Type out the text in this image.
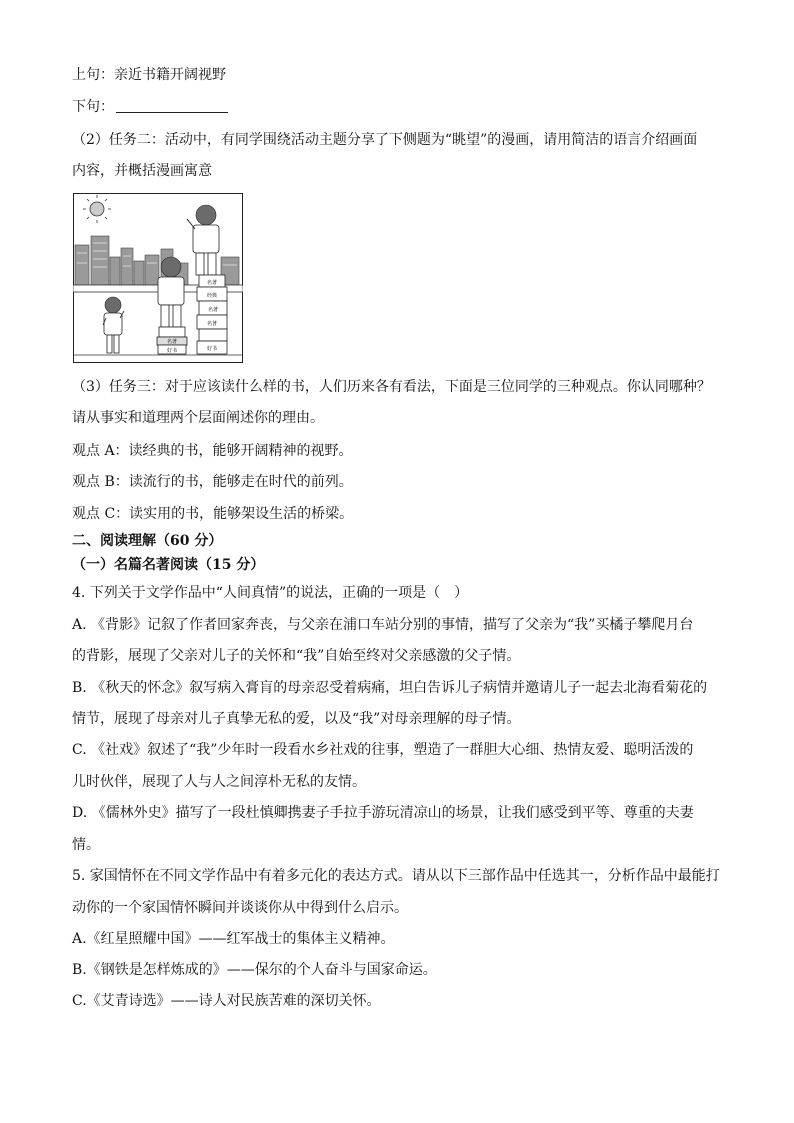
上句：亲近书籍开阔视野
下句：
（2）任务二：活动中，有同学围绕活动主题分享了下侧题为“眺望”的漫画，请用简洁的语言介绍画面
内容，并概括漫画寓意
名著
好书
名著
经典
名著
名著
好书
（3）任务三：对于应该读什么样的书，人们历来各有看法，下面是三位同学的三种观点。你认同哪种？
请从事实和道理两个层面阐述你的理由。
观点 A：读经典的书，能够开阔精神的视野。
观点 B：读流行的书，能够走在时代的前列。
观点 C：读实用的书，能够架设生活的桥梁。
二、阅读理解（60 分）
（一）名篇名著阅读（15 分）
4. 下列关于文学作品中“人间真情”的说法，正确的一项是（　）
A. 《背影》记叙了作者回家奔丧，与父亲在浦口车站分别的事情，描写了父亲为“我”买橘子攀爬月台
的背影，展现了父亲对儿子的关怀和“我”自始至终对父亲感激的父子情。
B. 《秋天的怀念》叙写病入膏肓的母亲忍受着病痛，坦白告诉儿子病情并邀请儿子一起去北海看菊花的
情节，展现了母亲对儿子真挚无私的爱，以及“我”对母亲理解的母子情。
C. 《社戏》叙述了“我”少年时一段看水乡社戏的往事，塑造了一群胆大心细、热情友爱、聪明活泼的
儿时伙伴，展现了人与人之间淳朴无私的友情。
D. 《儒林外史》描写了一段杜慎卿携妻子手拉手游玩清凉山的场景，让我们感受到平等、尊重的夫妻
情。
5. 家国情怀在不同文学作品中有着多元化的表达方式。请从以下三部作品中任选其一，分析作品中最能打
动你的一个家国情怀瞬间并谈谈你从中得到什么启示。
A.《红星照耀中国》——红军战士的集体主义精神。
B.《钢铁是怎样炼成的》——保尔的个人奋斗与国家命运。
C.《艾青诗选》——诗人对民族苦难的深切关怀。
